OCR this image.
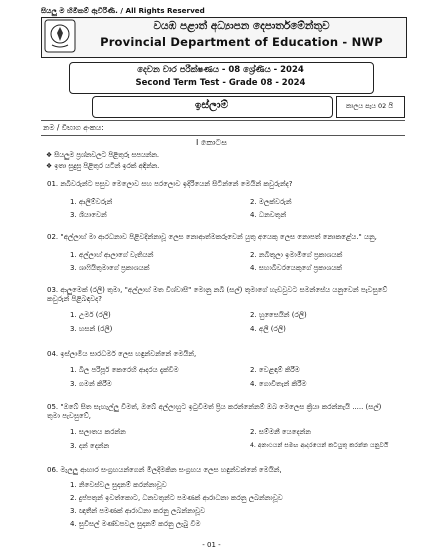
සියලු ම හිමිකම් ඇවිරිණි. / All Rights Reserved
වයඹ පළාත් අධ්‍යාපන දෙපාර්තමේන්තුව
Provincial Department of Education - NWP
දෙවන වාර පරීක්ෂණය - 08 ශ්‍රේණිය - 2024
Second Term Test - Grade 08 - 2024
ඉස්ලාම්	කාලය පැය 02 යි
නම / විභාග අංකය:
I කොටස
❖ සියලුම ප්‍රශ්නවලට පිළිතුරු සපයන්න.
❖ ඉතා සුදුසු පිළිතුර යටින් ඉරක් අඳින්න.
01. නබිවරුන්ට පසුව මෙලොව සහ පරලොව ඉදිරියෙන් සිටින්නේ මෙයින් කවුරුන්ද?
1. ආලිම්වරුන්	2. මලක්වරුන්
3. ශියාවෙන්	4. ධනවතුන්
02. "අල්ලාහ් මා ආරධනාව පිළිවදින්නාවූ ලෙස නොආත්මකරුවෙන් යුතු අයෙකු ලෙස නොපත් නොකළේය." යනු,
1. අල්ලාහ් ආලාගේ වැතියන්	2. නබිතුලා ඉමාමිගේ ප්‍රකාශයක්
3. ශාෆියිතුමාගේ ප්‍රකාශයක්	4. සහාබිවරයෙකුගේ ප්‍රකාශයක්
03. ආලුමෙක් (රලි) තුමා, "අල්ලාහ් මත විශ්වාසි" මොනු නබි (සල්) තුමාගේ හැඩවුවට සමන්සේය යනුවෙන් පැවසුවේ කවුරුන් පිළිබඳවද?
1. උමර් (රලි)	2. හුසෛයින් (රලි)
3. හසන් (රලි)	4. අලි (රලි)
04. ඉස්ලාමීය සාරධර්ම ලෙස හඳුන්වන්නේ මෙයින්,
1. බිල පරිපූර් කෙරෙහි ආදරය දැක්වීම	2. වෙළඳාම් කිරීම
3. ගමන් කිරීම	4. ගොවිතැන් කිරීම
05. "ඔබේ සිත සැහැල්ලු විමත්, ඔබේ අල්ලාහුට ඉටුවීමත් ප්‍රිය කරන්නේනම් ඔබ මෙලෙස ක්‍රියා කරන්නැයි ..... (සල්) තුමා පැවසුවේ,
1. සලාතය කරන්න	2. සම්මනී යෙදෙන්න
3. දන් දෙන්න	4. අනාථයන් සමඟ ආදරයෙන් කටයුතු කරන්න යනුවයි
06. මැලලු ආහාර සංග්‍රහයන්ගෙන් මිලදීමකින සංග්‍රහය ලෙස හඳුන්වන්නේ මෙයින්,
1. නිවෙස්වල සුදානම් කරන්නාවූව
2. දුප්පතුන් ඉවත්කොට, ධනවතුන්ට පමණක් ආරාධනා කරනු ලබන්නාවූව
3. ඥාතීන් පමණක් ආරාධනා කරනු ලබන්නාවූව
4. සුවිසල් මණ්ඩපවල සුදානම් කරනු ලැබු වීම
- 01 -
